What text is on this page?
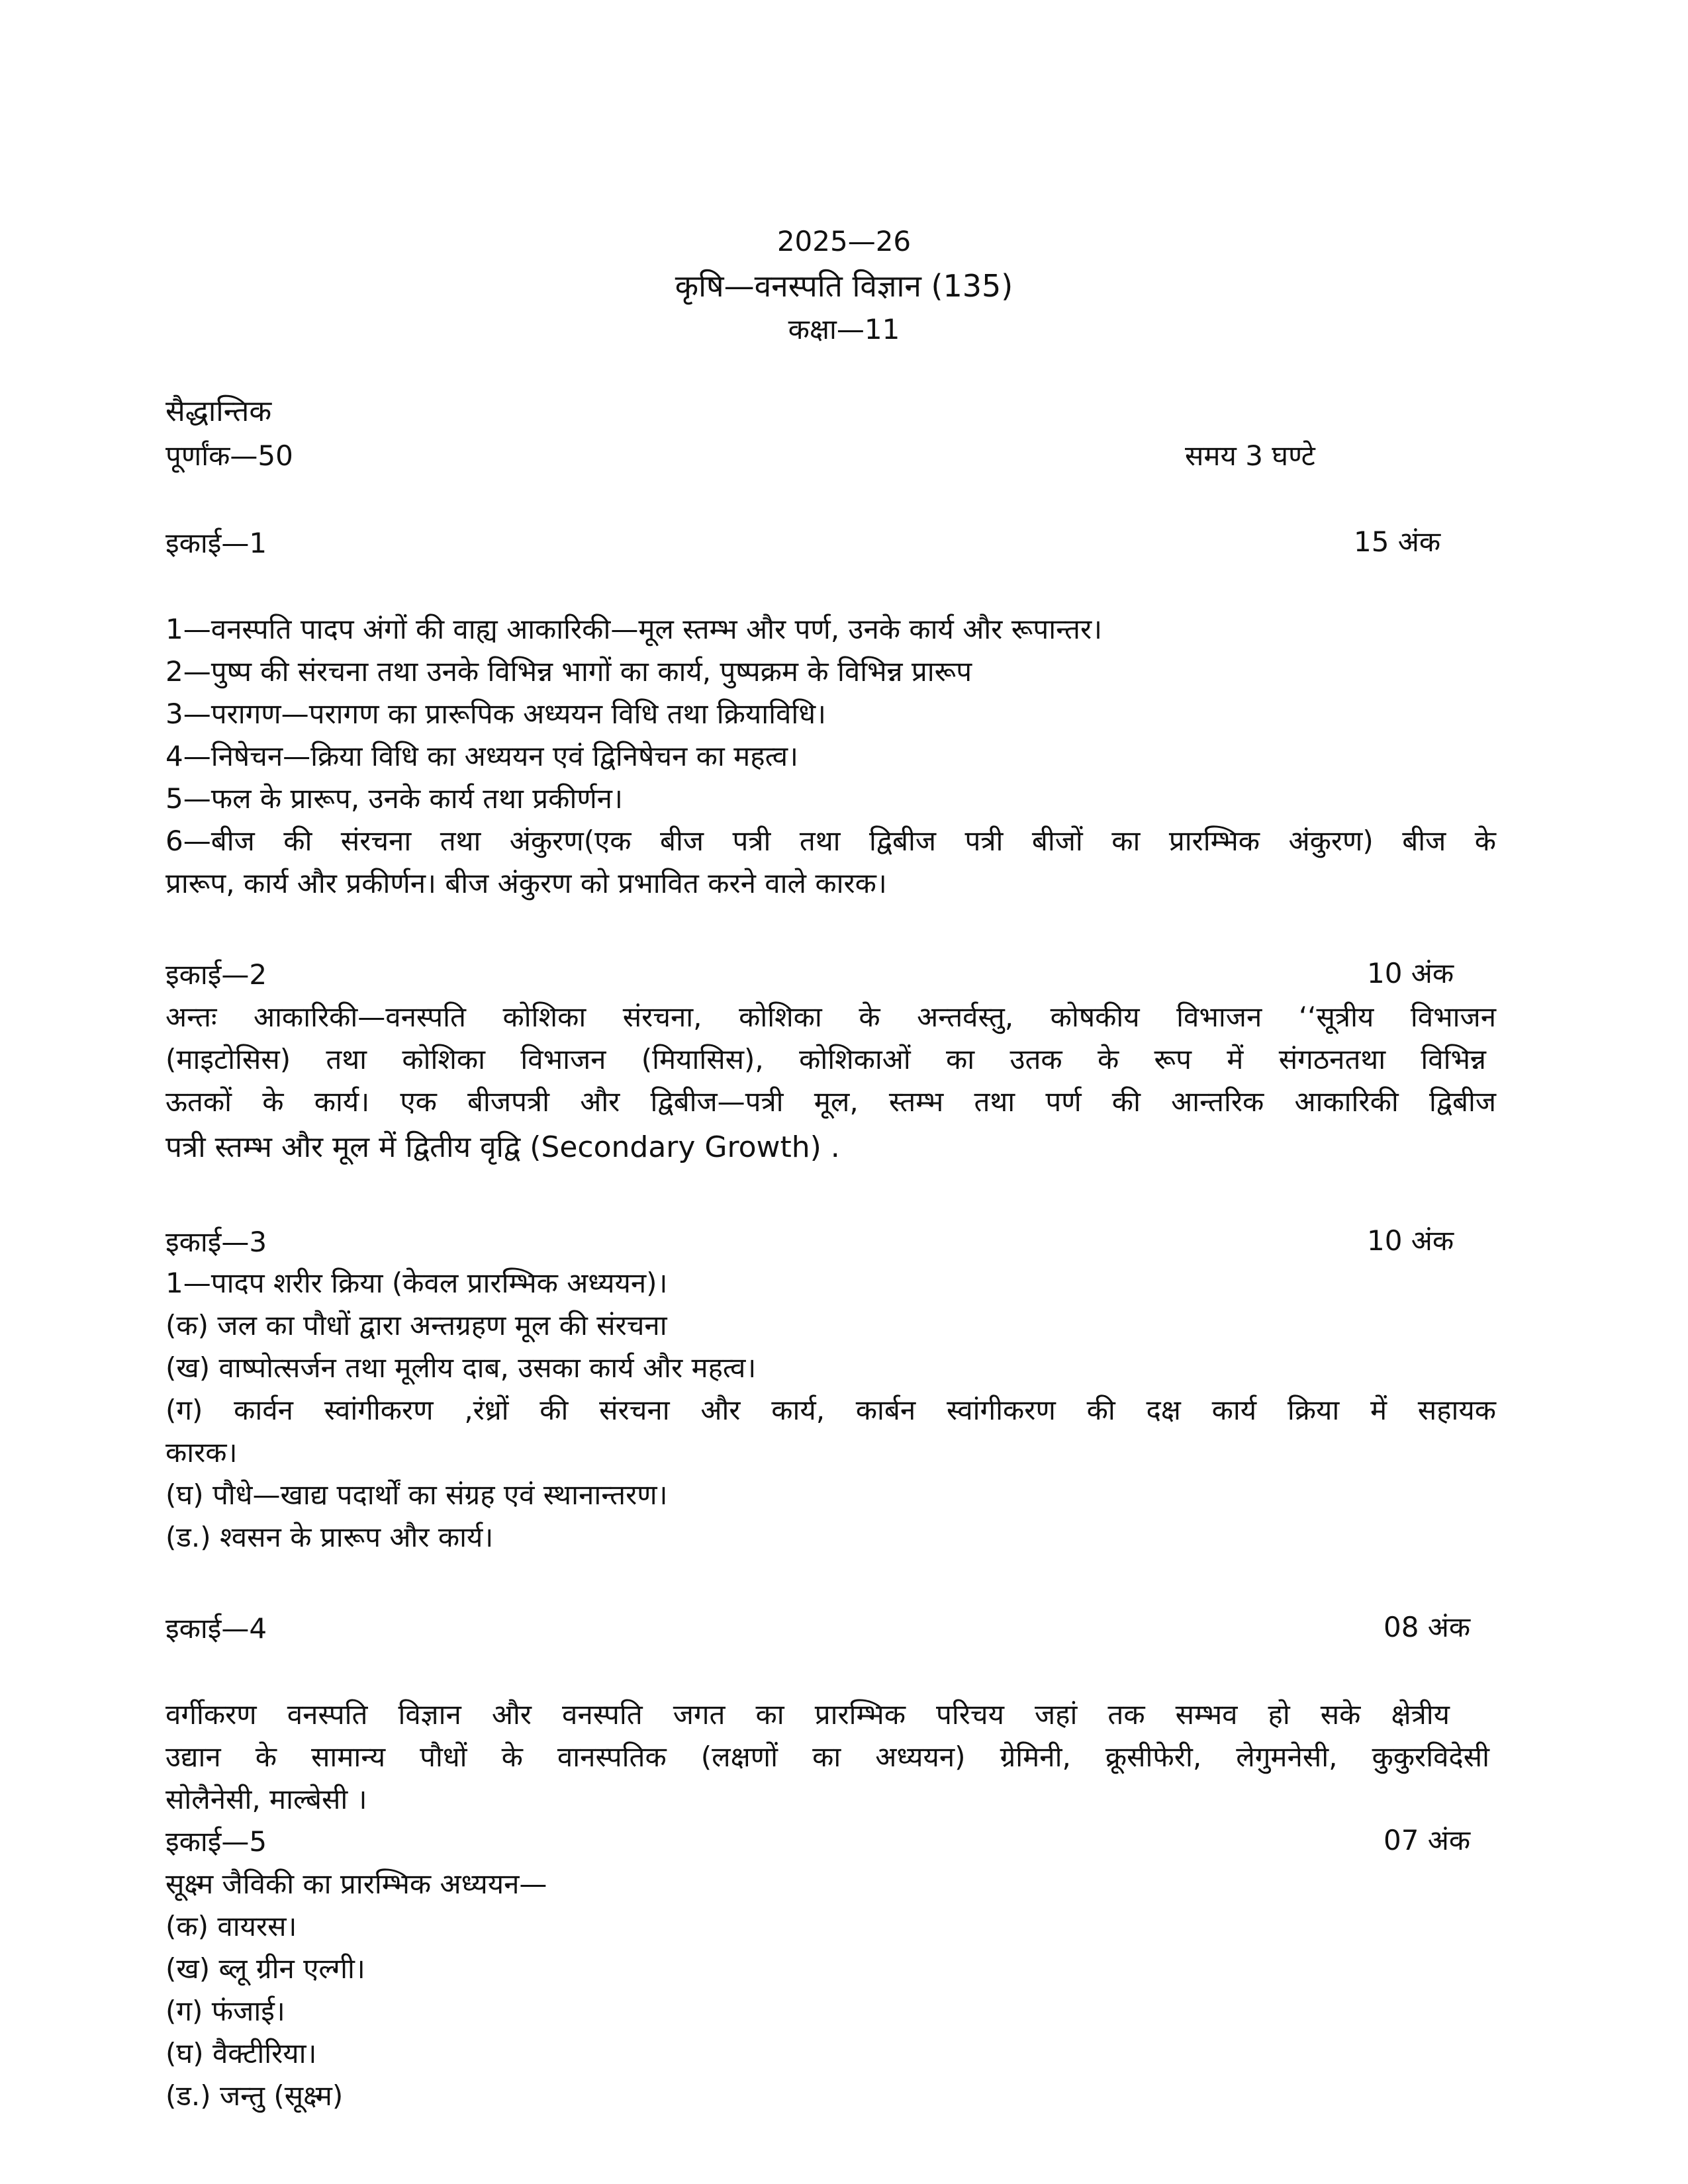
2025—26
कृषि—वनस्पति विज्ञान (135)
कक्षा—11
सैद्धान्तिक
पूर्णांक—50	समय 3 घण्टे
इकाई—1	15 अंक
1—वनस्पति पादप अंगों की वाह्य आकारिकी—मूल स्तम्भ और पर्ण, उनके कार्य और रूपान्तर।
2—पुष्प की संरचना तथा उनके विभिन्न भागों का कार्य, पुष्पक्रम के विभिन्न प्रारूप
3—परागण—परागण का प्रारूपिक अध्ययन विधि तथा क्रियाविधि।
4—निषेचन—क्रिया विधि का अध्ययन एवं द्विनिषेचन का महत्व।
5—फल के प्रारूप, उनके कार्य तथा प्रकीर्णन।
6—बीज की संरचना तथा अंकुरण(एक बीज पत्री तथा द्विबीज पत्री बीजों का प्रारम्भिक अंकुरण) बीज के
प्रारूप, कार्य और प्रकीर्णन। बीज अंकुरण को प्रभावित करने वाले कारक।
इकाई—2	10 अंक
अन्तः आकारिकी—वनस्पति कोशिका संरचना, कोशिका के अन्तर्वस्तु, कोषकीय विभाजन ‘‘सूत्रीय विभाजन
(माइटोसिस) तथा कोशिका विभाजन (मियासिस), कोशिकाओं का उतक के रूप में संगठनतथा विभिन्न
ऊतकों के कार्य। एक बीजपत्री और द्विबीज—पत्री मूल, स्तम्भ तथा पर्ण की आन्तरिक आकारिकी द्विबीज
पत्री स्तम्भ और मूल में द्वितीय वृद्वि (Secondary Growth) .
इकाई—3	10 अंक
1—पादप शरीर क्रिया (केवल प्रारम्भिक अध्ययन)।
(क) जल का पौधों द्वारा अन्तग्रहण मूल की संरचना
(ख) वाष्पोत्सर्जन तथा मूलीय दाब, उसका कार्य और महत्व।
(ग) कार्वन स्वांगीकरण ,रंध्रों की संरचना और कार्य, कार्बन स्वांगीकरण की दक्ष कार्य क्रिया में सहायक
कारक।
(घ) पौधे—खाद्य पदार्थों का संग्रह एवं स्थानान्तरण।
(ड.) श्वसन के प्रारूप और कार्य।
इकाई—4	08 अंक
वर्गीकरण वनस्पति विज्ञान और वनस्पति जगत का प्रारम्भिक परिचय जहां तक सम्भव हो सके क्षेत्रीय
उद्यान के सामान्य पौधों के वानस्पतिक (लक्षणों का अध्ययन) ग्रेमिनी, क्रूसीफेरी, लेगुमनेसी, कुकुरविदेसी
सोलैनेसी, माल्बेसी ।
इकाई—5	07 अंक
सूक्ष्म जैविकी का प्रारम्भिक अध्ययन—
(क) वायरस।
(ख) ब्लू ग्रीन एल्गी।
(ग) फंजाई।
(घ) वैक्टीरिया।
(ड.) जन्तु (सूक्ष्म)
